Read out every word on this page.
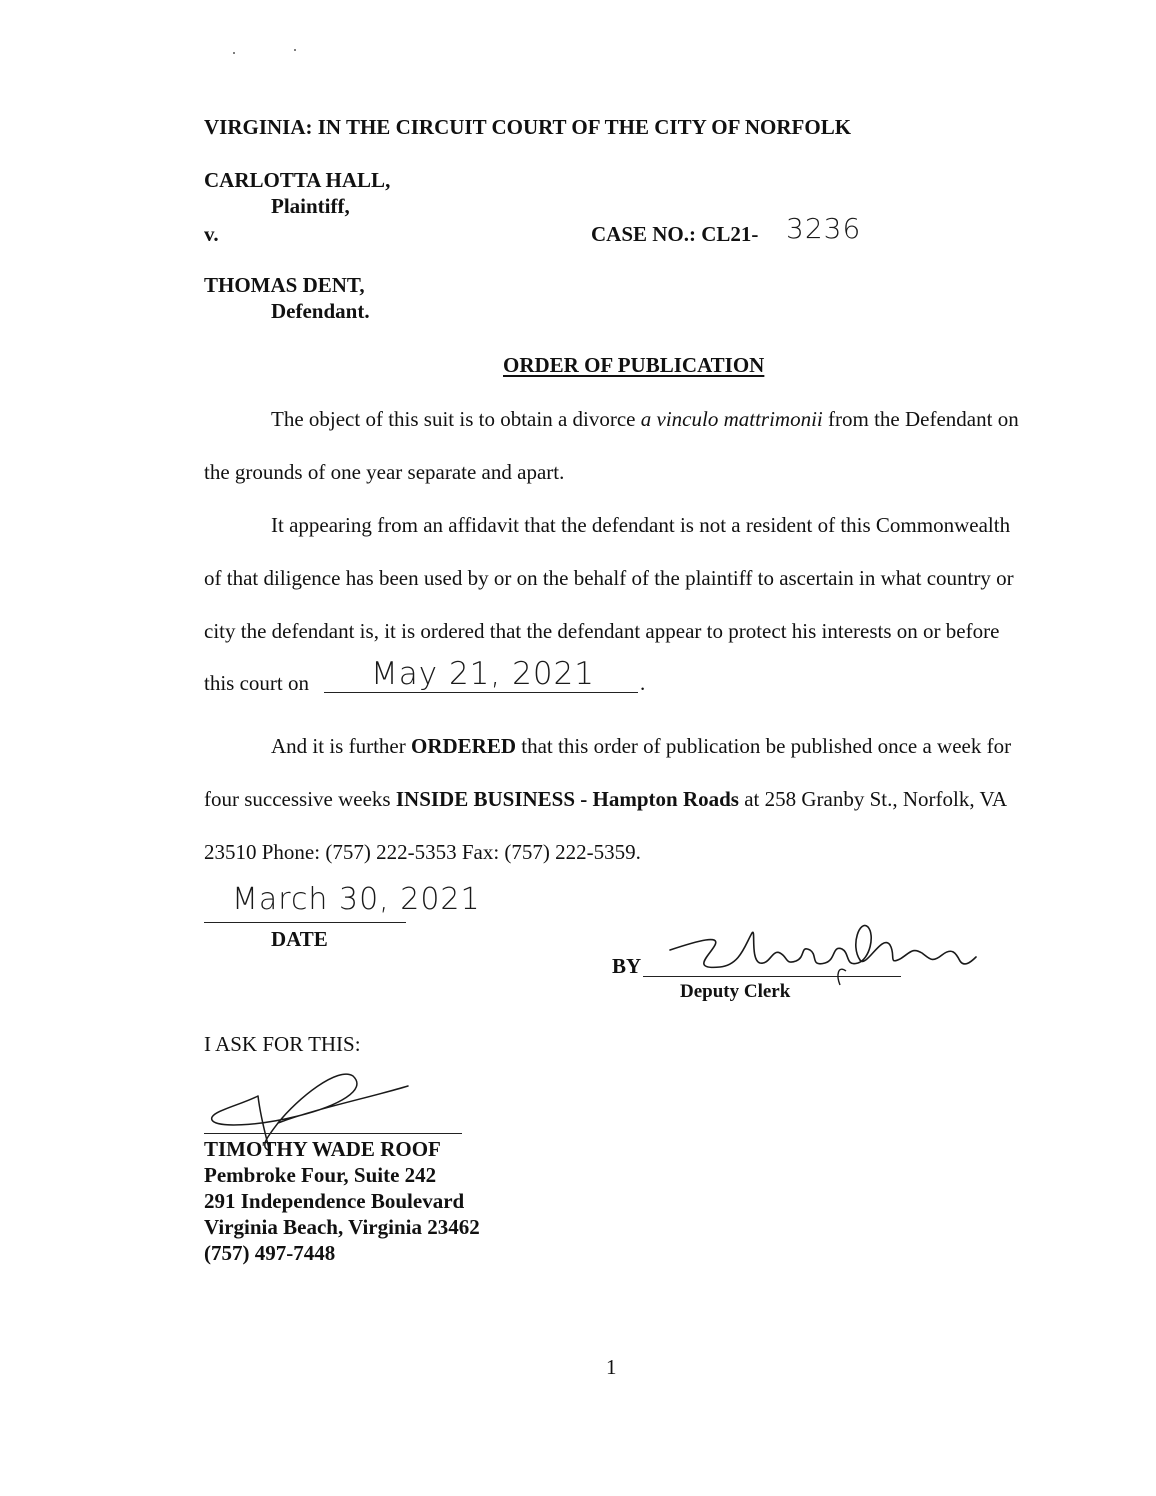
VIRGINIA: IN THE CIRCUIT COURT OF THE CITY OF NORFOLK
CARLOTTA HALL,
Plaintiff,
v.	CASE NO.: CL21- 3236
THOMAS DENT,
Defendant.
ORDER OF PUBLICATION
The object of this suit is to obtain a divorce a vinculo mattrimonii from the Defendant on
the grounds of one year separate and apart.
It appearing from an affidavit that the defendant is not a resident of this Commonwealth
of that diligence has been used by or on the behalf of the plaintiff to ascertain in what country or
city the defendant is, it is ordered that the defendant appear to protect his interests on or before
this court on May 21, 2021 .
And it is further ORDERED that this order of publication be published once a week for
four successive weeks INSIDE BUSINESS - Hampton Roads at 258 Granby St., Norfolk, VA
23510 Phone: (757) 222-5353 Fax: (757) 222-5359.
March 30, 2021
DATE
BY
Deputy Clerk
I ASK FOR THIS:
TIMOTHY WADE ROOF
Pembroke Four, Suite 242
291 Independence Boulevard
Virginia Beach, Virginia 23462
(757) 497-7448
1
